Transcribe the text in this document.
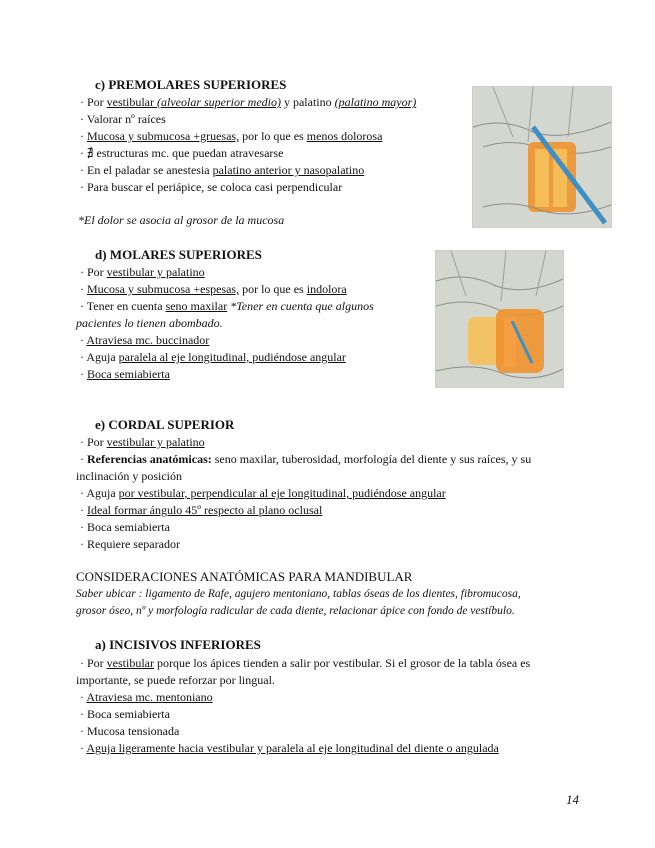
c) PREMOLARES SUPERIORES
· Por vestibular (alveolar superior medio) y palatino (palatino mayor)
· Valorar nº raíces
· Mucosa y submucosa +gruesas, por lo que es menos dolorosa
· ∄ estructuras mc. que puedan atravesarse
· En el paladar se anestesia palatino anterior y nasopalatino
· Para buscar el periápice, se coloca casi perpendicular
*El dolor se asocia al grosor de la mucosa
d) MOLARES SUPERIORES
· Por vestibular y palatino
· Mucosa y submucosa +espesas, por lo que es indolora
· Tener en cuenta seno maxilar *Tener en cuenta que algunos
pacientes lo tienen abombado.
· Atraviesa mc. buccinador
· Aguja paralela al eje longitudinal, pudiéndose angular
· Boca semiabierta
e) CORDAL SUPERIOR
· Por vestibular y palatino
· Referencias anatómicas: seno maxilar, tuberosidad, morfología del diente y sus raíces, y su
inclinación y posición
· Aguja por vestibular, perpendicular al eje longitudinal, pudiéndose angular
· Ideal formar ángulo 45º respecto al plano oclusal
· Boca semiabierta
· Requiere separador
CONSIDERACIONES ANATÓMICAS PARA MANDIBULAR
Saber ubicar : ligamento de Rafe, agujero mentoniano, tablas óseas de los dientes, fibromucosa,
grosor óseo, nº y morfología radicular de cada diente, relacionar ápice con fondo de vestíbulo.
a) INCISIVOS INFERIORES
· Por vestibular porque los ápices tienden a salir por vestibular. Si el grosor de la tabla ósea es
importante, se puede reforzar por lingual.
· Atraviesa mc. mentoniano
· Boca semiabierta
· Mucosa tensionada
· Aguja ligeramente hacia vestibular y paralela al eje longitudinal del diente o angulada
14
